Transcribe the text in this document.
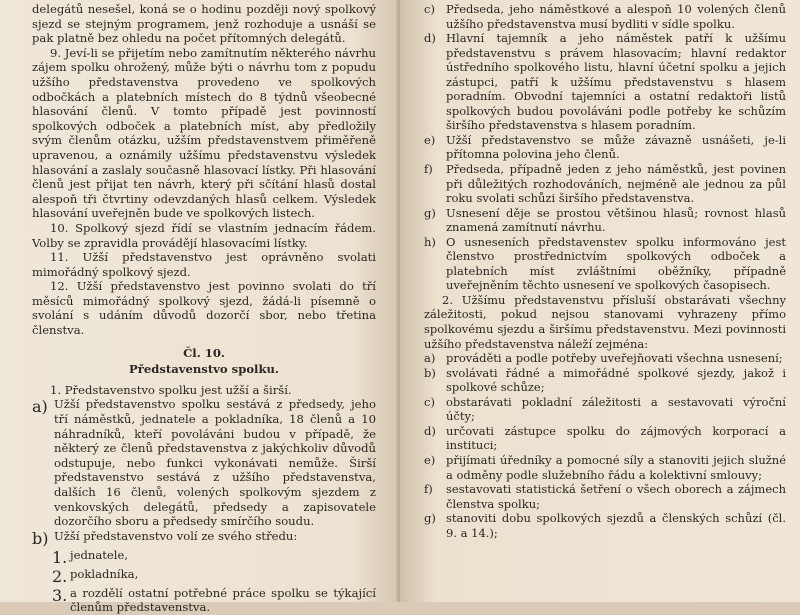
delegátů nesešel, koná se o hodinu později nový spolkový sjezd se stejným programem, jenž rozhoduje a usnáší se pak platně bez ohledu na počet přítomných delegátů.

9. Jeví-li se přijetím nebo zamítnutím některého návrhu zájem spolku ohrožený, může býti o návrhu tom z popudu užšího představenstva provedeno ve spolkových odbočkách a platebních místech do 8 týdnů všeobecné hlasování členů. V tomto případě jest povinností spolkových odboček a platebních míst, aby předložily svým členům otázku, užším představenstvem přiměřeně upravenou, a oznámily užšímu představenstvu výsledek hlasování a zaslaly současně hlasovací lístky. Při hlasování členů jest přijat ten návrh, který při sčítání hlasů dostal alespoň tři čtvrtiny odevzdaných hlasů celkem. Výsledek hlasování uveřejněn bude ve spolkových listech.

10. Spolkový sjezd řídí se vlastním jednacím řádem. Volby se zpravidla provádějí hlasovacími lístky.

11. Užší představenstvo jest oprávněno svolati mimořádný spolkový sjezd.

12. Užší představenstvo jest povinno svolati do tří měsíců mimořádný spolkový sjezd, žádá-li písemně o svolání s udáním důvodů dozorčí sbor, nebo třetina členstva.

Čl. 10.

Představenstvo spolku.

1. Představenstvo spolku jest užší a širší.

a) Užší představenstvo spolku sestává z předsedy, jeho tří náměstků, jednatele a pokladníka, 18 členů a 10 náhradníků, kteří povoláváni budou v případě, že některý ze členů představenstva z jakýchkoliv důvodů odstupuje, nebo funkci vykonávati nemůže. Širší představenstvo sestává z užšího představenstva, dalších 16 členů, volených spolkovým sjezdem z venkovských delegátů, předsedy a zapisovatele dozorčího sboru a předsedy smírčího soudu.

b) Užší představenstvo volí ze svého středu:

1. jednatele,

2. pokladníka,

3. a rozdělí ostatní potřebné práce spolku se týkající členům představenstva.

c) Předseda, jeho náměstkové a alespoň 10 volených členů užšího představenstva musí bydliti v sídle spolku.

d) Hlavní tajemník a jeho náměstek patří k užšímu představenstvu s právem hlasovacím; hlavní redaktor ústředního spolkového listu, hlavní účetní spolku a jejich zástupci, patří k užšímu představenstvu s hlasem poradním. Obvodní tajemníci a ostatní redaktoři listů spolkových budou povoláváni podle potřeby ke schůzím širšího představenstva s hlasem poradním.

e) Užší představenstvo se může závazně usnášeti, je-li přítomna polovina jeho členů.

f)	Předseda, případně jeden z jeho náměstků, jest povinen při důležitých rozhodováních, nejméně ale jednou za půl roku svolati schůzi širšího představenstva.

g) Usnesení děje se prostou většinou hlasů; rovnost hlasů znamená zamítnutí návrhu.

h) O usneseních představenstev spolku informováno jest členstvo prostřednictvím spolkových odboček a platebních míst zvláštními oběžníky, případně uveřejněním těchto usnesení ve spolkových časopisech.

2. Užšímu představenstvu přísluší obstarávati všechny záležitosti, pokud nejsou stanovami vyhrazeny přímo spolkovému sjezdu a širšímu představenstvu. Mezi povinnosti užšího představenstva náleží zejména:

a) prováděti a podle potřeby uveřejňovati všechna usnesení;

b) svolávati řádné a mimořádné spolkové sjezdy, jakož i spolkové schůze;

c) obstarávati pokladní záležitosti a sestavovati výroční účty;

d) určovati zástupce spolku do zájmových korporací a instituci;

e) přijímati úředníky a pomocné síly a stanoviti jejich služné a odměny podle služebního řádu a kolektivní smlouvy;

f)	sestavovati statistická šetření o všech oborech a zájmech členstva spolku;

g) stanoviti dobu spolkových sjezdů a členských schůzí (čl. 9. a 14.);
